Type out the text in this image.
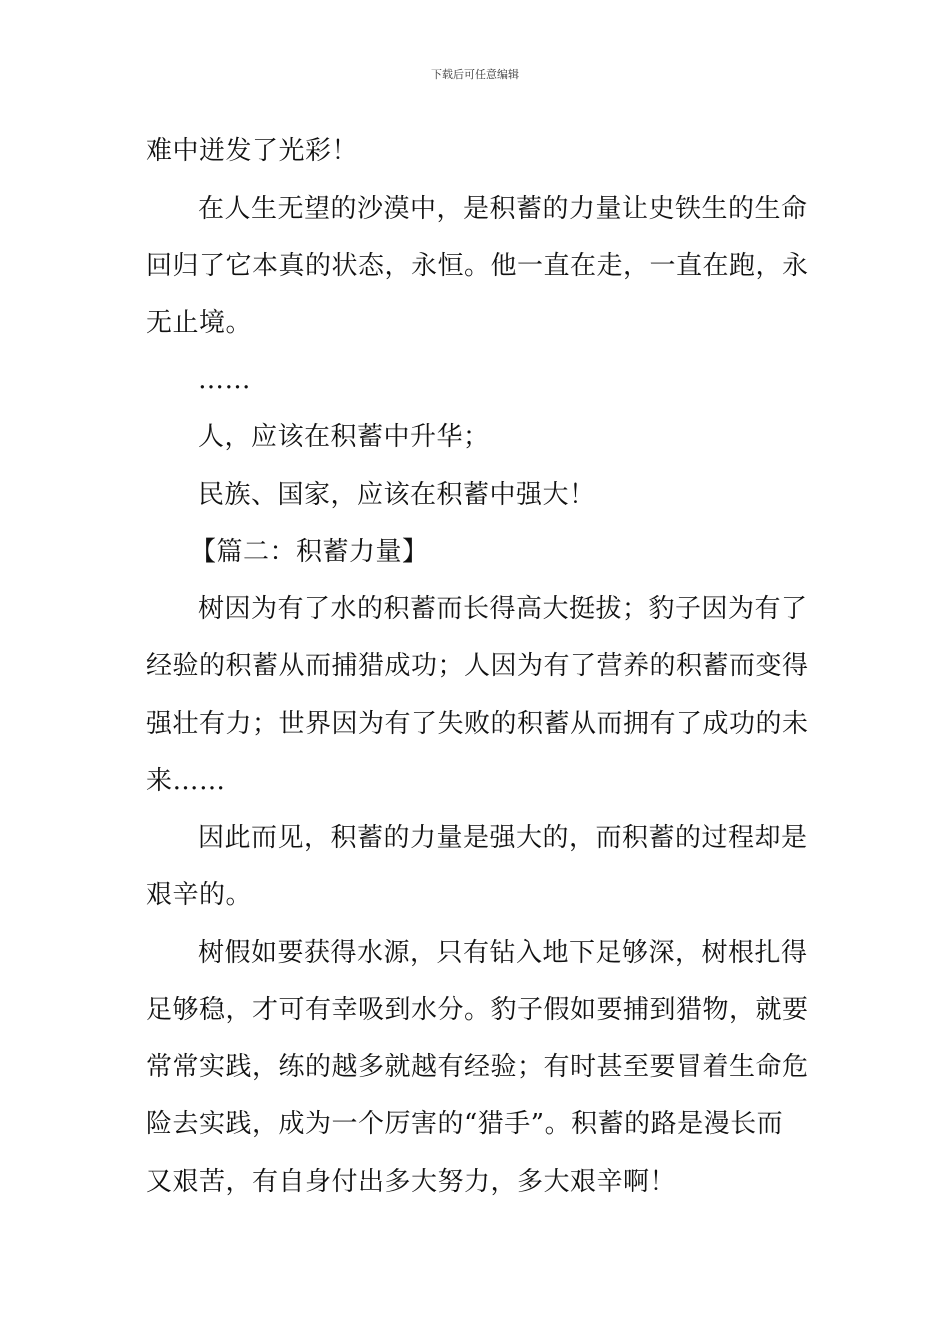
下载后可任意编辑
难中迸发了光彩！
在人生无望的沙漠中，是积蓄的力量让史铁生的生命
回归了它本真的状态，永恒。他一直在走，一直在跑，永
无止境。
……
人，应该在积蓄中升华；
民族、国家，应该在积蓄中强大！
【篇二：积蓄力量】
树因为有了水的积蓄而长得高大挺拔；豹子因为有了
经验的积蓄从而捕猎成功；人因为有了营养的积蓄而变得
强壮有力；世界因为有了失败的积蓄从而拥有了成功的未
来……
因此而见，积蓄的力量是强大的，而积蓄的过程却是
艰辛的。
树假如要获得水源，只有钻入地下足够深，树根扎得
足够稳，才可有幸吸到水分。豹子假如要捕到猎物，就要
常常实践，练的越多就越有经验；有时甚至要冒着生命危
险去实践，成为一个厉害的“猎手”。积蓄的路是漫长而
又艰苦，有自身付出多大努力，多大艰辛啊！
